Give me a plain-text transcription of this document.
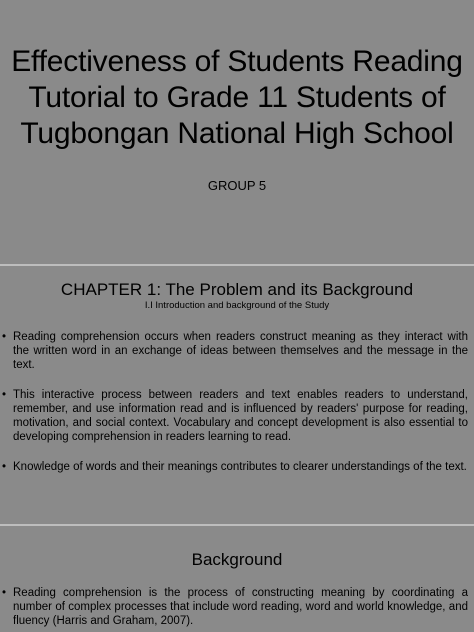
Effectiveness of Students Reading
Tutorial to Grade 11 Students of
Tugbongan National High School
GROUP 5
CHAPTER 1: The Problem and its Background
I.I Introduction and background of the Study
• Reading comprehension occurs when readers construct meaning as they interact with the written word in an exchange of ideas between themselves and the message in the text.
• This interactive process between readers and text enables readers to understand, remember, and use information read and is influenced by readers' purpose for reading, motivation, and social context. Vocabulary and concept development is also essential to developing comprehension in readers learning to read.
• Knowledge of words and their meanings contributes to clearer understandings of the text.
Background
• Reading comprehension is the process of constructing meaning by coordinating a number of complex processes that include word reading, word and world knowledge, and fluency (Harris and Graham, 2007).
